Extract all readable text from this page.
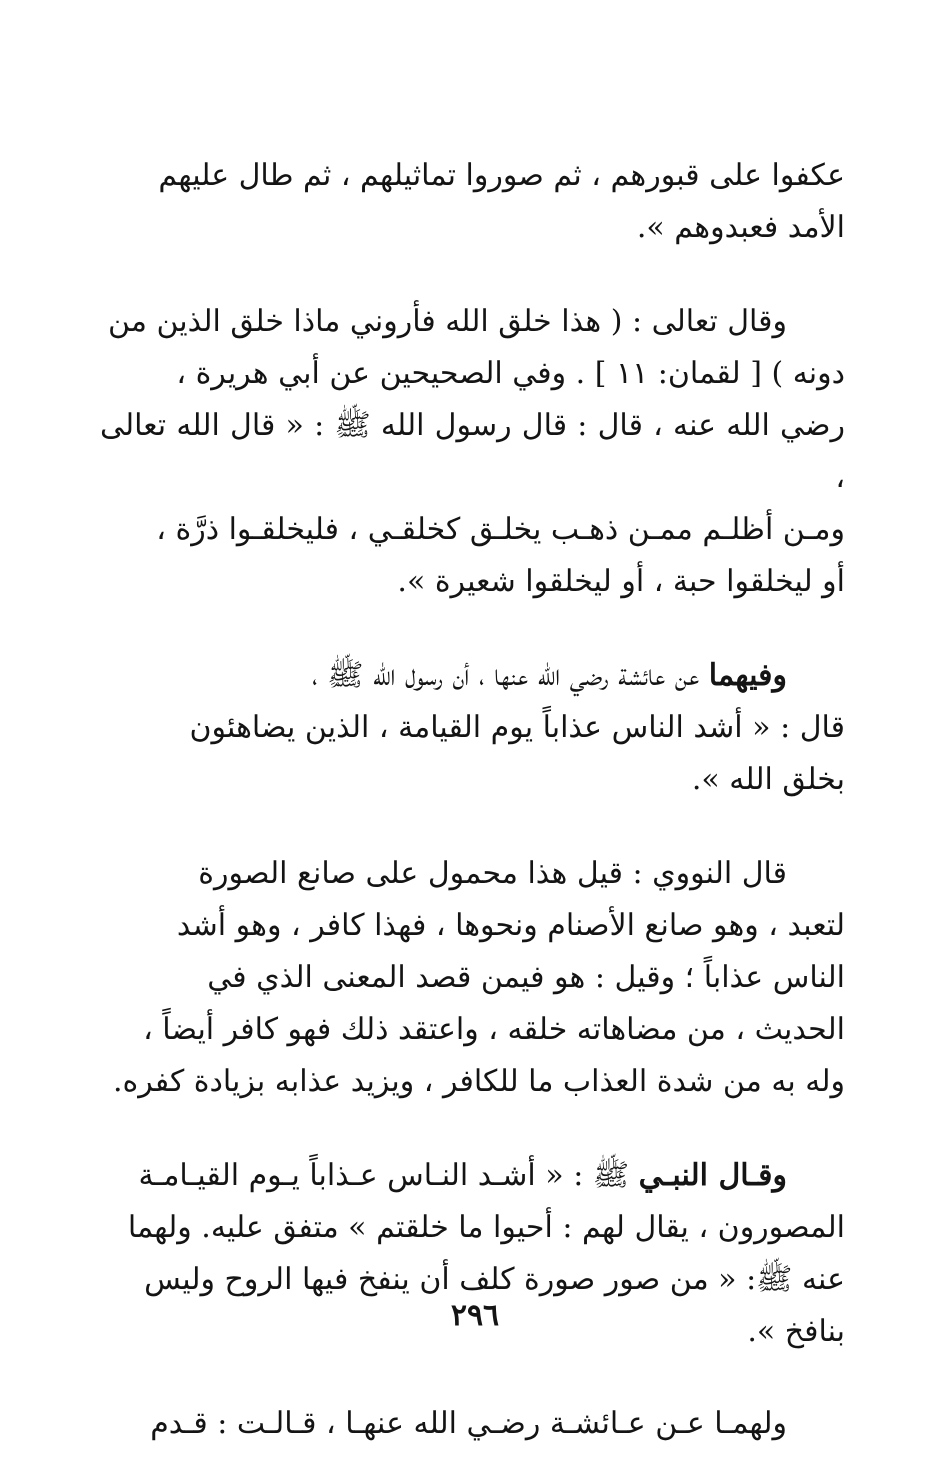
عكفوا على قبورهم ، ثم صوروا تماثيلهم ، ثم طال عليهم
الأمد فعبدوهم ».

وقال تعالى : ( هذا خلق الله فأروني ماذا خلق الذين من
دونه ) [ لقمان: ١١ ] . وفي الصحيحين عن أبي هريرة ،
رضي الله عنه ، قال : قال رسول الله ﷺ : « قال الله تعالى ،
ومـن أظلـم ممـن ذهـب يخلـق كخلقـي ، فليخلقـوا ذرَّة ،
أو ليخلقوا حبة ، أو ليخلقوا شعيرة ».

وفيهما عن عائشة رضي الله عنها ، أن رسول الله ﷺ ،
قال : « أشد الناس عذاباً يوم القيامة ، الذين يضاهئون
بخلق الله ».

قال النووي : قيل هذا محمول على صانع الصورة
لتعبد ، وهو صانع الأصنام ونحوها ، فهذا كافر ، وهو أشد
الناس عذاباً ؛ وقيل : هو فيمن قصد المعنى الذي في
الحديث ، من مضاهاته خلقه ، واعتقد ذلك فهو كافر أيضاً ،
وله به من شدة العذاب ما للكافر ، ويزيد عذابه بزيادة كفره.

وقـال النبـي ﷺ : « أشـد النـاس عـذاباً يـوم القيـامـة
المصورون ، يقال لهم : أحيوا ما خلقتم » متفق عليه. ولهما
عنه ﷺ: « من صور صورة كلف أن ينفخ فيها الروح وليس
بنافخ ».

ولهمـا عـن عـائشـة رضـي الله عنهـا ، قـالـت : قـدم

٢٩٦
